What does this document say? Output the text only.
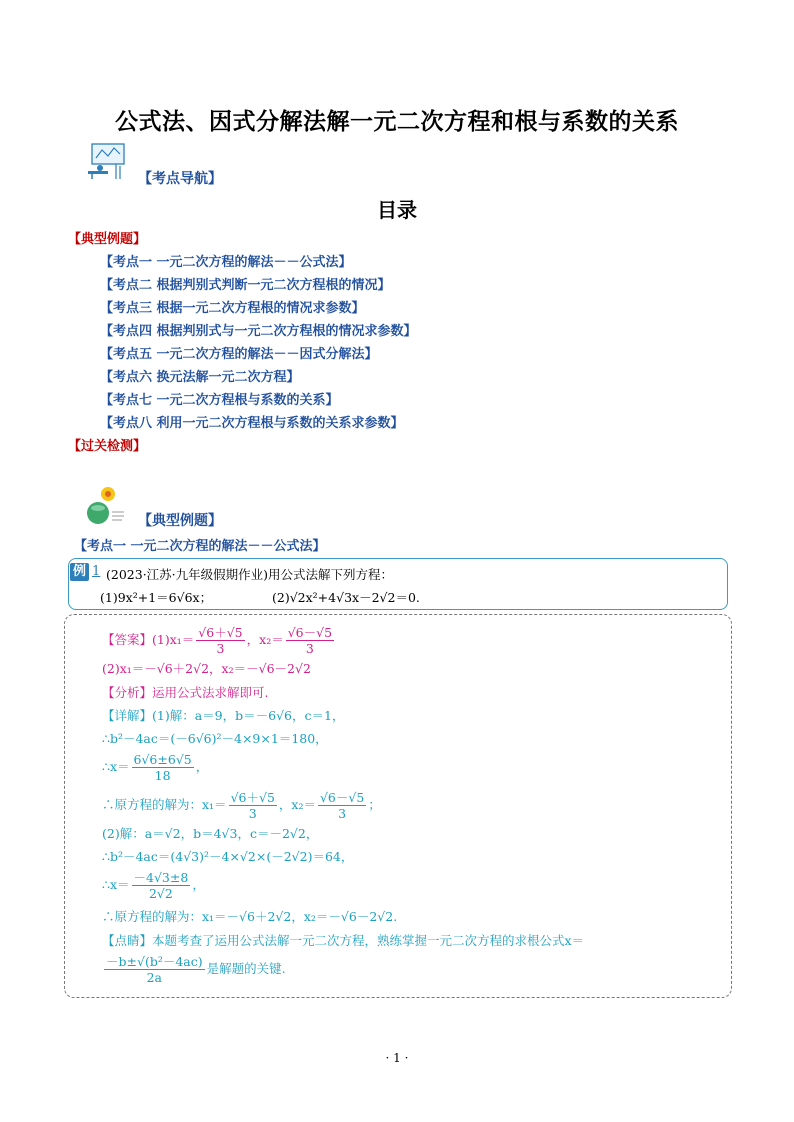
公式法、因式分解法解一元二次方程和根与系数的关系
【考点导航】
目录
【典型例题】
【考点一 一元二次方程的解法－－公式法】
【考点二 根据判别式判断一元二次方程根的情况】
【考点三 根据一元二次方程根的情况求参数】
【考点四 根据判别式与一元二次方程根的情况求参数】
【考点五 一元二次方程的解法－－因式分解法】
【考点六 换元法解一元二次方程】
【考点七 一元二次方程根与系数的关系】
【考点八 利用一元二次方程根与系数的关系求参数】
【过关检测】
【典型例题】
【考点一 一元二次方程的解法－－公式法】
例 1 (2023·江苏·九年级假期作业)用公式法解下列方程：
(1)9x²+1＝6√6x；	(2)√2x²+4√3x－2√2＝0.
【答案】$(1)x_1= \frac{√6+√5}{3}$ ，$x_2= \frac{√6-√5}{3}$
(2)x₁＝－√6＋2√2，x₂＝－√6－2√2
【分析】运用公式法求解即可.
【详解】(1)解：a＝9，b＝－6√6，c＝1，
∴b²－4ac＝(－6√6)²－4×9×1＝180，
∴x＝ $\frac{6√6\pm 6√5}{18}$ ，
∴原方程的解为：$x_1= \frac{√6+√5}{3}$ ，$x_2= \frac{√6-√5}{3}$ ；
(2)解：a＝√2，b＝4√3，c＝－2√2，
∴b²－4ac＝(4√3)²－4×√2×(－2√2)＝64，
∴x＝ $\frac{-4√3\pm 8}{2√2}$ ，
∴原方程的解为：x₁＝－√6＋2√2，x₂＝－√6－2√2.
【点睛】本题考查了运用公式法解一元二次方程，熟练掌握一元二次方程的求根公式x＝
$\frac{\text{－b±√(b²－4ac)}}{2a}$ 是解题的关键.
· 1 ·
